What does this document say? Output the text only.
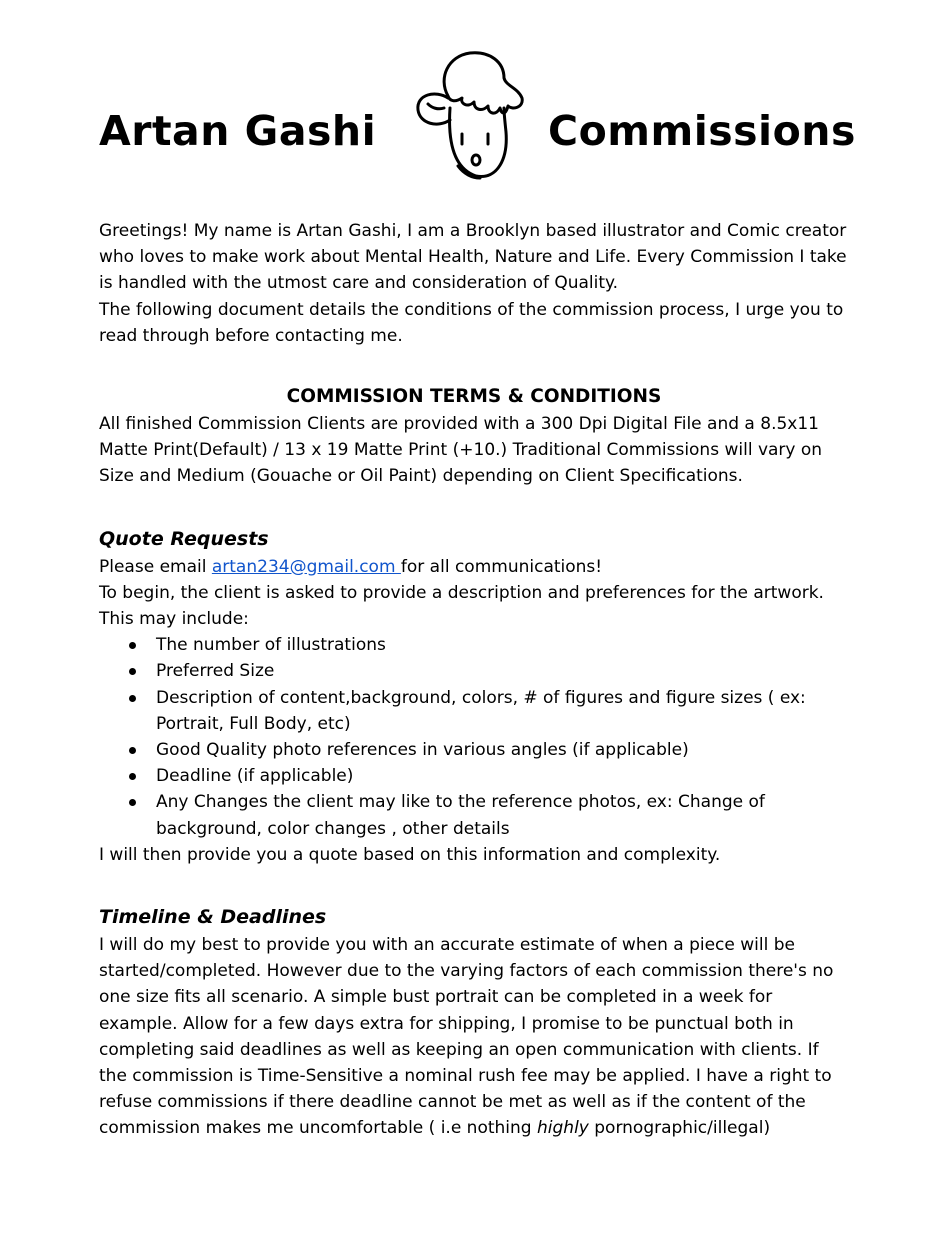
Artan Gashi	Commissions

Greetings! My name is Artan Gashi, I am a Brooklyn based illustrator and Comic creator who loves to make work about Mental Health, Nature and Life. Every Commission I take is handled with the utmost care and consideration of Quality.

The following document details the conditions of the commission process, I urge you to read through before contacting me.

COMMISSION TERMS & CONDITIONS

All finished Commission Clients are provided with a 300 Dpi Digital File and a 8.5x11 Matte Print(Default) / 13 x 19 Matte Print (+10.) Traditional Commissions will vary on Size and Medium (Gouache or Oil Paint) depending on Client Specifications.

Quote Requests

Please email artan234@gmail.com for all communications!

To begin, the client is asked to provide a description and preferences for the artwork. This may include:

The number of illustrations
Preferred Size
Description of content,background, colors, # of figures and figure sizes ( ex: Portrait, Full Body, etc)
Good Quality photo references in various angles (if applicable)
Deadline (if applicable)
Any Changes the client may like to the reference photos, ex: Change of background, color changes , other details

I will then provide you a quote based on this information and complexity.

Timeline & Deadlines

I will do my best to provide you with an accurate estimate of when a piece will be started/completed. However due to the varying factors of each commission there's no one size fits all scenario. A simple bust portrait can be completed in a week for example. Allow for a few days extra for shipping, I promise to be punctual both in completing said deadlines as well as keeping an open communication with clients. If the commission is Time-Sensitive a nominal rush fee may be applied. I have a right to refuse commissions if there deadline cannot be met as well as if the content of the commission makes me uncomfortable ( i.e nothing highly pornographic/illegal)
